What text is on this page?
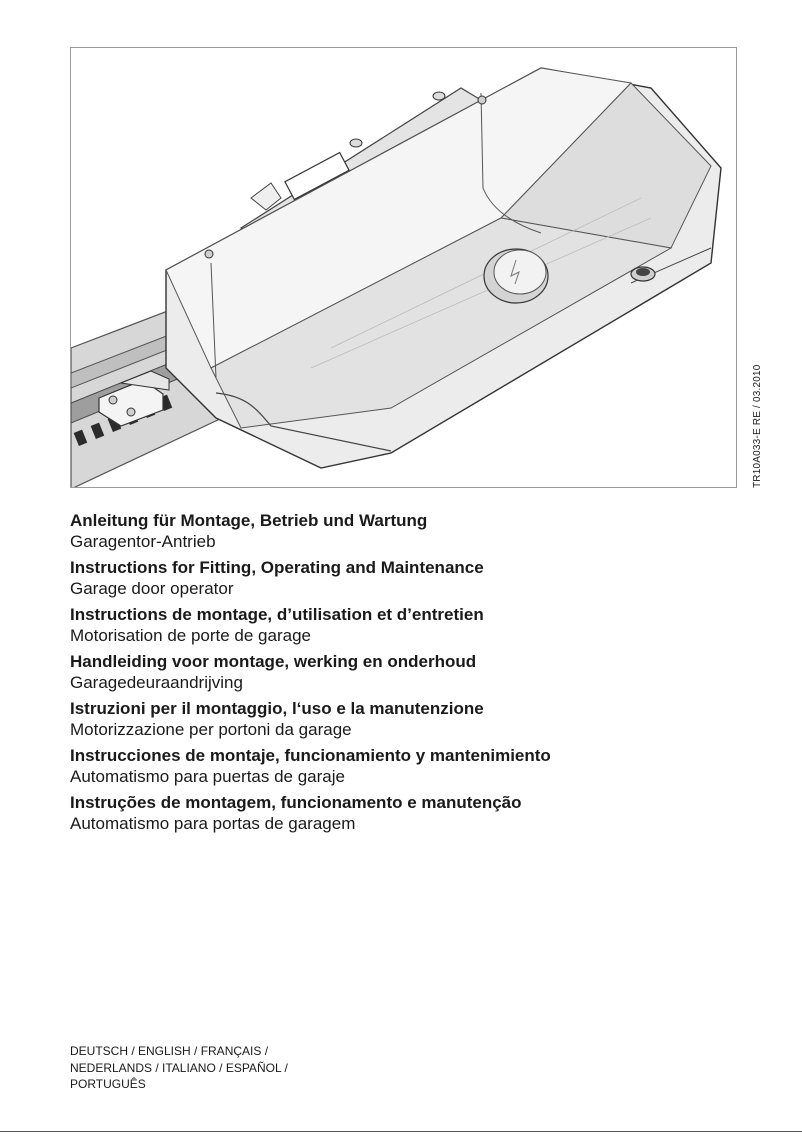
TR10A033-E RE / 03.2010
Anleitung für Montage, Betrieb und Wartung
Garagentor-Antrieb
Instructions for Fitting, Operating and Maintenance
Garage door operator
Instructions de montage, d’utilisation et d’entretien
Motorisation de porte de garage
Handleiding voor montage, werking en onderhoud
Garagedeuraandrijving
Istruzioni per il montaggio, l‘uso e la manutenzione
Motorizzazione per portoni da garage
Instrucciones de montaje, funcionamiento y mantenimiento
Automatismo para puertas de garaje
Instruções de montagem, funcionamento e manutenção
Automatismo para portas de garagem
DEUTSCH / ENGLISH / FRANÇAIS /
NEDERLANDS / ITALIANO / ESPAÑOL /
PORTUGUÊS
